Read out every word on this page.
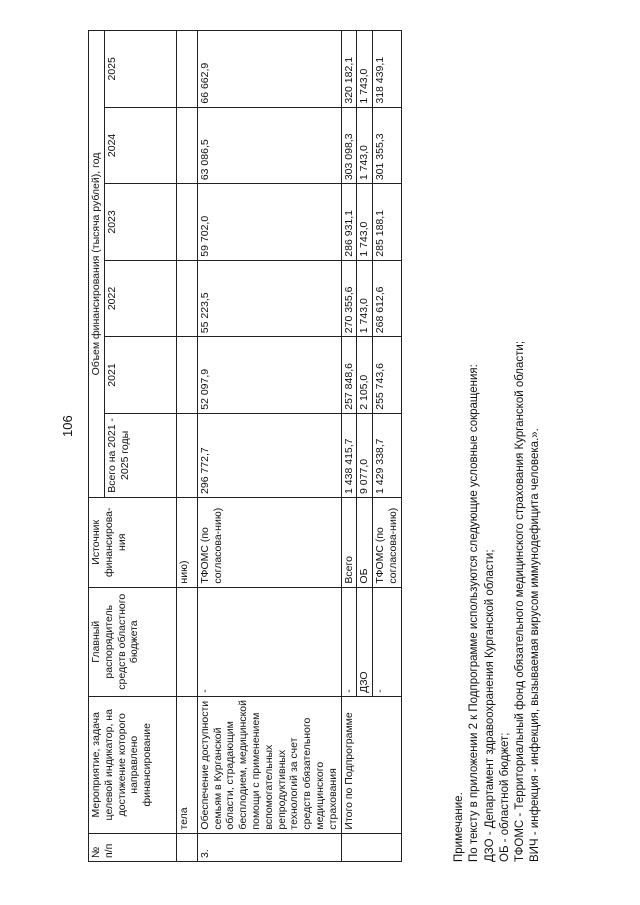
106
№ п/п	Мероприятие, задача целевой индикатор, на достижение которого направлено финансирование	Главный распорядитель средств областного бюджета	Источник финансирова-ния	Объем финансирования (тысяча рублей), год					
				Всего на 2021 - 2025 годы	2021	2022	2023	2024	2025
	тела		нию)						
3.	Обеспечение доступности семьям в Курганской области, страдающим бесплодием, медицинской помощи с применением вспомогательных репродуктивных технологий за счет средств обязательного медицинского страхования	-	ТФОМС (по согласова-нию)	296 772,7	52 097,9	55 223,5	59 702,0	63 086,5	66 662,9
	Итого по Подпрограмме	-	Всего	1 438 415,7	257 848,6	270 355,6	286 931,1	303 098,3	320 182,1
		ДЗО	ОБ	9 077,0	2 105,0	1 743,0	1 743,0	1 743,0	1 743,0
		-	ТФОМС (по согласова-нию)	1 429 338,7	255 743,6	268 612,6	285 188,1	301 355,3	318 439,1
Примечание. По тексту в приложении 2 к Подпрограмме используются следующие условные сокращения: ДЗО - Департамент здравоохранения Курганской области; ОБ - областной бюджет; ТФОМС - Территориальный фонд обязательного медицинского страхования Курганской области; ВИЧ - инфекция - инфекция, вызываемая вирусом иммунодефицита человека.».
